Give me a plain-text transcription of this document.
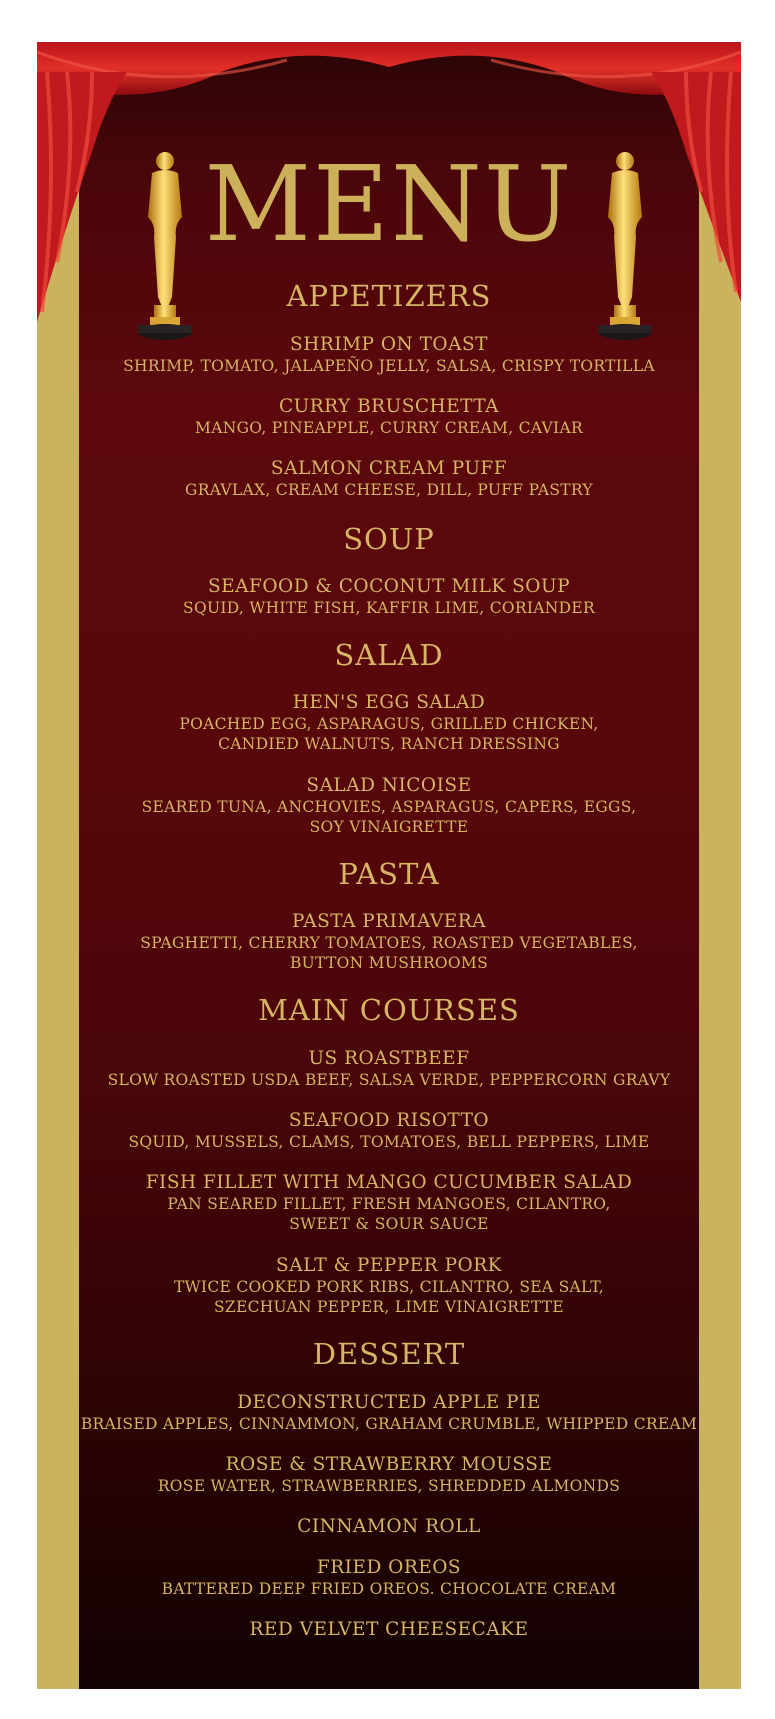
MENU
APPETIZERS
SHRIMP ON TOAST
SHRIMP, TOMATO, JALAPEÑO JELLY, SALSA, CRISPY TORTILLA
CURRY BRUSCHETTA
MANGO, PINEAPPLE, CURRY CREAM, CAVIAR
SALMON CREAM PUFF
GRAVLAX, CREAM CHEESE, DILL, PUFF PASTRY
SOUP
SEAFOOD & COCONUT MILK SOUP
SQUID, WHITE FISH, KAFFIR LIME, CORIANDER
SALAD
HEN'S EGG SALAD
POACHED EGG, ASPARAGUS, GRILLED CHICKEN,
CANDIED WALNUTS, RANCH DRESSING
SALAD NICOISE
SEARED TUNA, ANCHOVIES, ASPARAGUS, CAPERS, EGGS,
SOY VINAIGRETTE
PASTA
PASTA PRIMAVERA
SPAGHETTI, CHERRY TOMATOES, ROASTED VEGETABLES,
BUTTON MUSHROOMS
MAIN COURSES
US ROASTBEEF
SLOW ROASTED USDA BEEF, SALSA VERDE, PEPPERCORN GRAVY
SEAFOOD RISOTTO
SQUID, MUSSELS, CLAMS, TOMATOES, BELL PEPPERS, LIME
FISH FILLET WITH MANGO CUCUMBER SALAD
PAN SEARED FILLET, FRESH MANGOES, CILANTRO,
SWEET & SOUR SAUCE
SALT & PEPPER PORK
TWICE COOKED PORK RIBS, CILANTRO, SEA SALT,
SZECHUAN PEPPER, LIME VINAIGRETTE
DESSERT
DECONSTRUCTED APPLE PIE
BRAISED APPLES, CINNAMMON, GRAHAM CRUMBLE, WHIPPED CREAM
ROSE & STRAWBERRY MOUSSE
ROSE WATER, STRAWBERRIES, SHREDDED ALMONDS
CINNAMON ROLL
FRIED OREOS
BATTERED DEEP FRIED OREOS. CHOCOLATE CREAM
RED VELVET CHEESECAKE
